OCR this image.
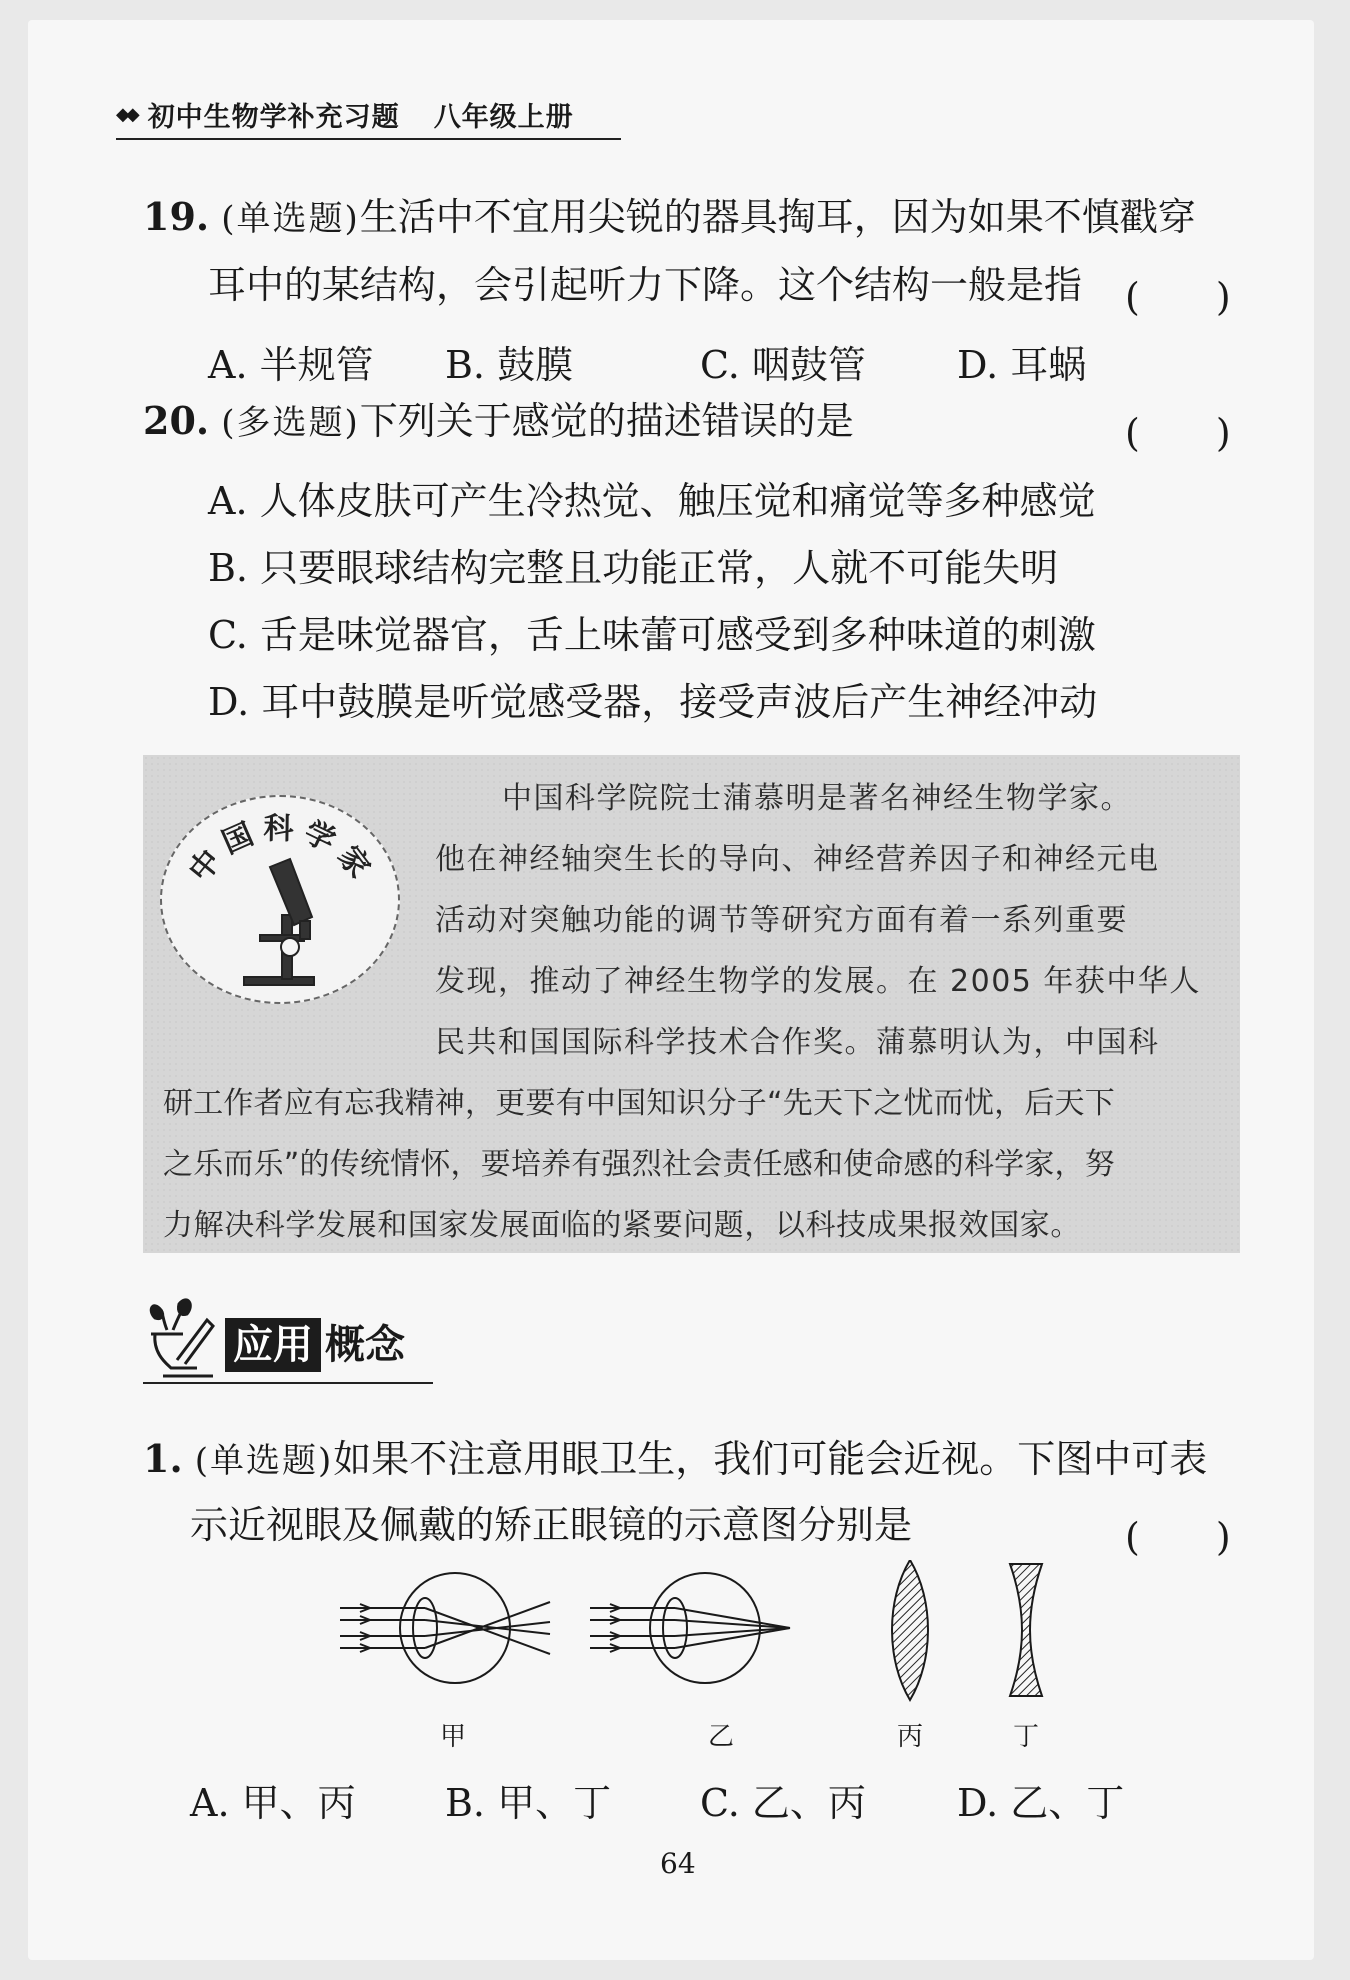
◆◆ 初中生物学补充习题 八年级上册
19. (单选题)生活中不宜用尖锐的器具掏耳，因为如果不慎戳穿
耳中的某结构，会引起听力下降。这个结构一般是指 (　　)
A. 半规管 B. 鼓膜	C. 咽鼓管 D. 耳蜗
20. (多选题)下列关于感觉的描述错误的是	(　　)
A. 人体皮肤可产生冷热觉、触压觉和痛觉等多种感觉
B. 只要眼球结构完整且功能正常，人就不可能失明
C. 舌是味觉器官，舌上味蕾可感受到多种味道的刺激
D. 耳中鼓膜是听觉感受器，接受声波后产生神经冲动
中国科学家
中国科学院院士蒲慕明是著名神经生物学家。
他在神经轴突生长的导向、神经营养因子和神经元电
活动对突触功能的调节等研究方面有着一系列重要
发现，推动了神经生物学的发展。在 2005 年获中华人
民共和国国际科学技术合作奖。蒲慕明认为，中国科
研工作者应有忘我精神，更要有中国知识分子“先天下之忧而忧，后天下
之乐而乐”的传统情怀，要培养有强烈社会责任感和使命感的科学家，努
力解决科学发展和国家发展面临的紧要问题，以科技成果报效国家。
应用 概念
1. (单选题)如果不注意用眼卫生，我们可能会近视。下图中可表
示近视眼及佩戴的矫正眼镜的示意图分别是	(　　)
甲	乙	丙	丁
A. 甲、丙 B. 甲、丁 C. 乙、丙 D. 乙、丁
64
